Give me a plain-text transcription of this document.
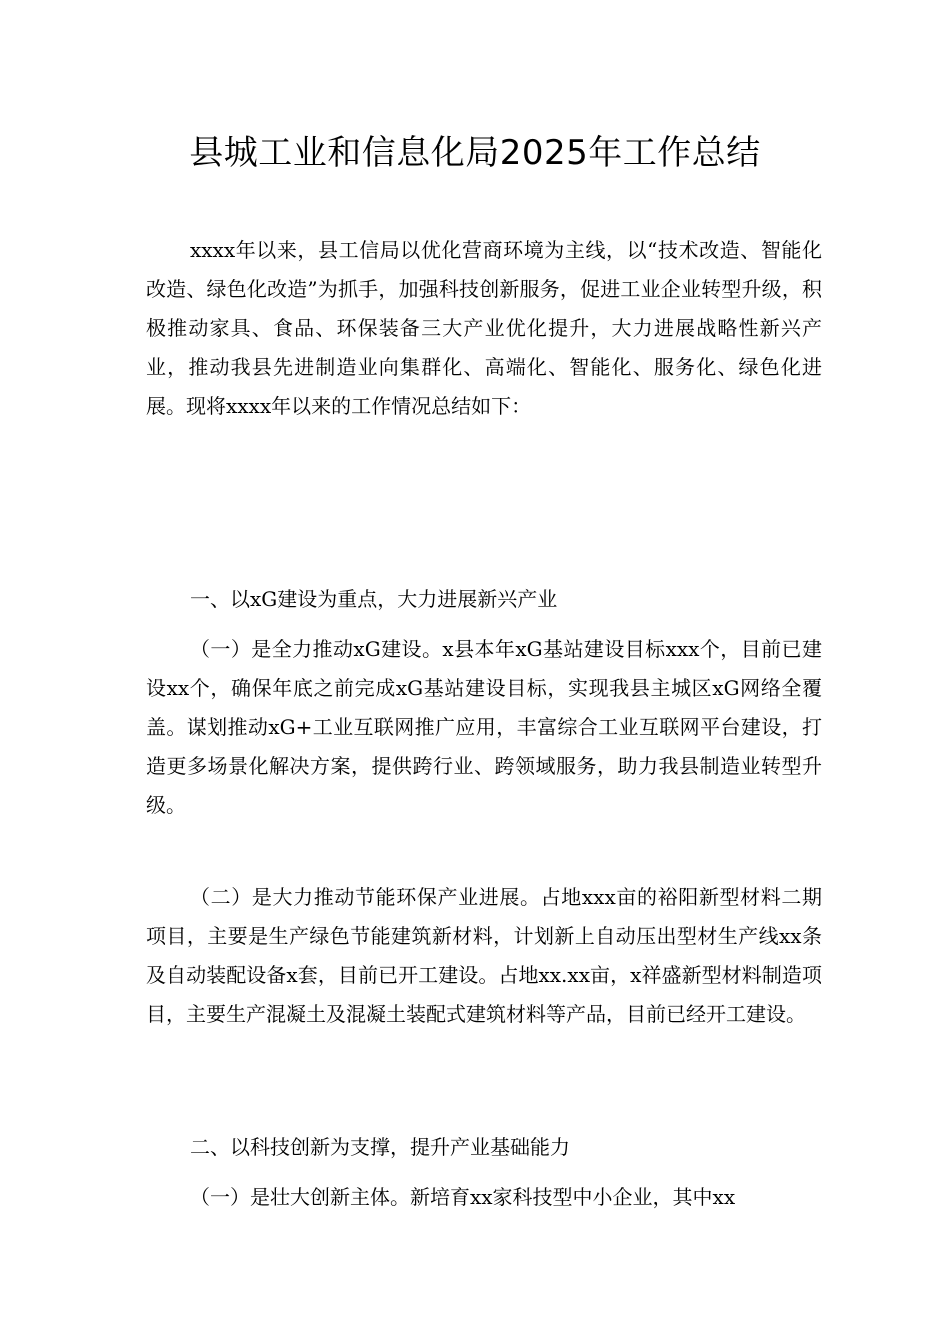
县城工业和信息化局2025年工作总结

xxxx年以来，县工信局以优化营商环境为主线，以“技术改造、智能化改造、绿色化改造”为抓手，加强科技创新服务，促进工业企业转型升级，积极推动家具、食品、环保装备三大产业优化提升，大力进展战略性新兴产业，推动我县先进制造业向集群化、高端化、智能化、服务化、绿色化进展。现将xxxx年以来的工作情况总结如下：

一、以xG建设为重点，大力进展新兴产业

（一）是全力推动xG建设。x县本年xG基站建设目标xxx个，目前已建设xx个，确保年底之前完成xG基站建设目标，实现我县主城区xG网络全覆盖。谋划推动xG+工业互联网推广应用，丰富综合工业互联网平台建设，打造更多场景化解决方案，提供跨行业、跨领域服务，助力我县制造业转型升级。

（二）是大力推动节能环保产业进展。占地xxx亩的裕阳新型材料二期项目，主要是生产绿色节能建筑新材料，计划新上自动压出型材生产线xx条及自动装配设备x套，目前已开工建设。占地xx.xx亩，x祥盛新型材料制造项目，主要生产混凝土及混凝土装配式建筑材料等产品，目前已经开工建设。

二、以科技创新为支撑，提升产业基础能力

（一）是壮大创新主体。新培育xx家科技型中小企业，其中xx
